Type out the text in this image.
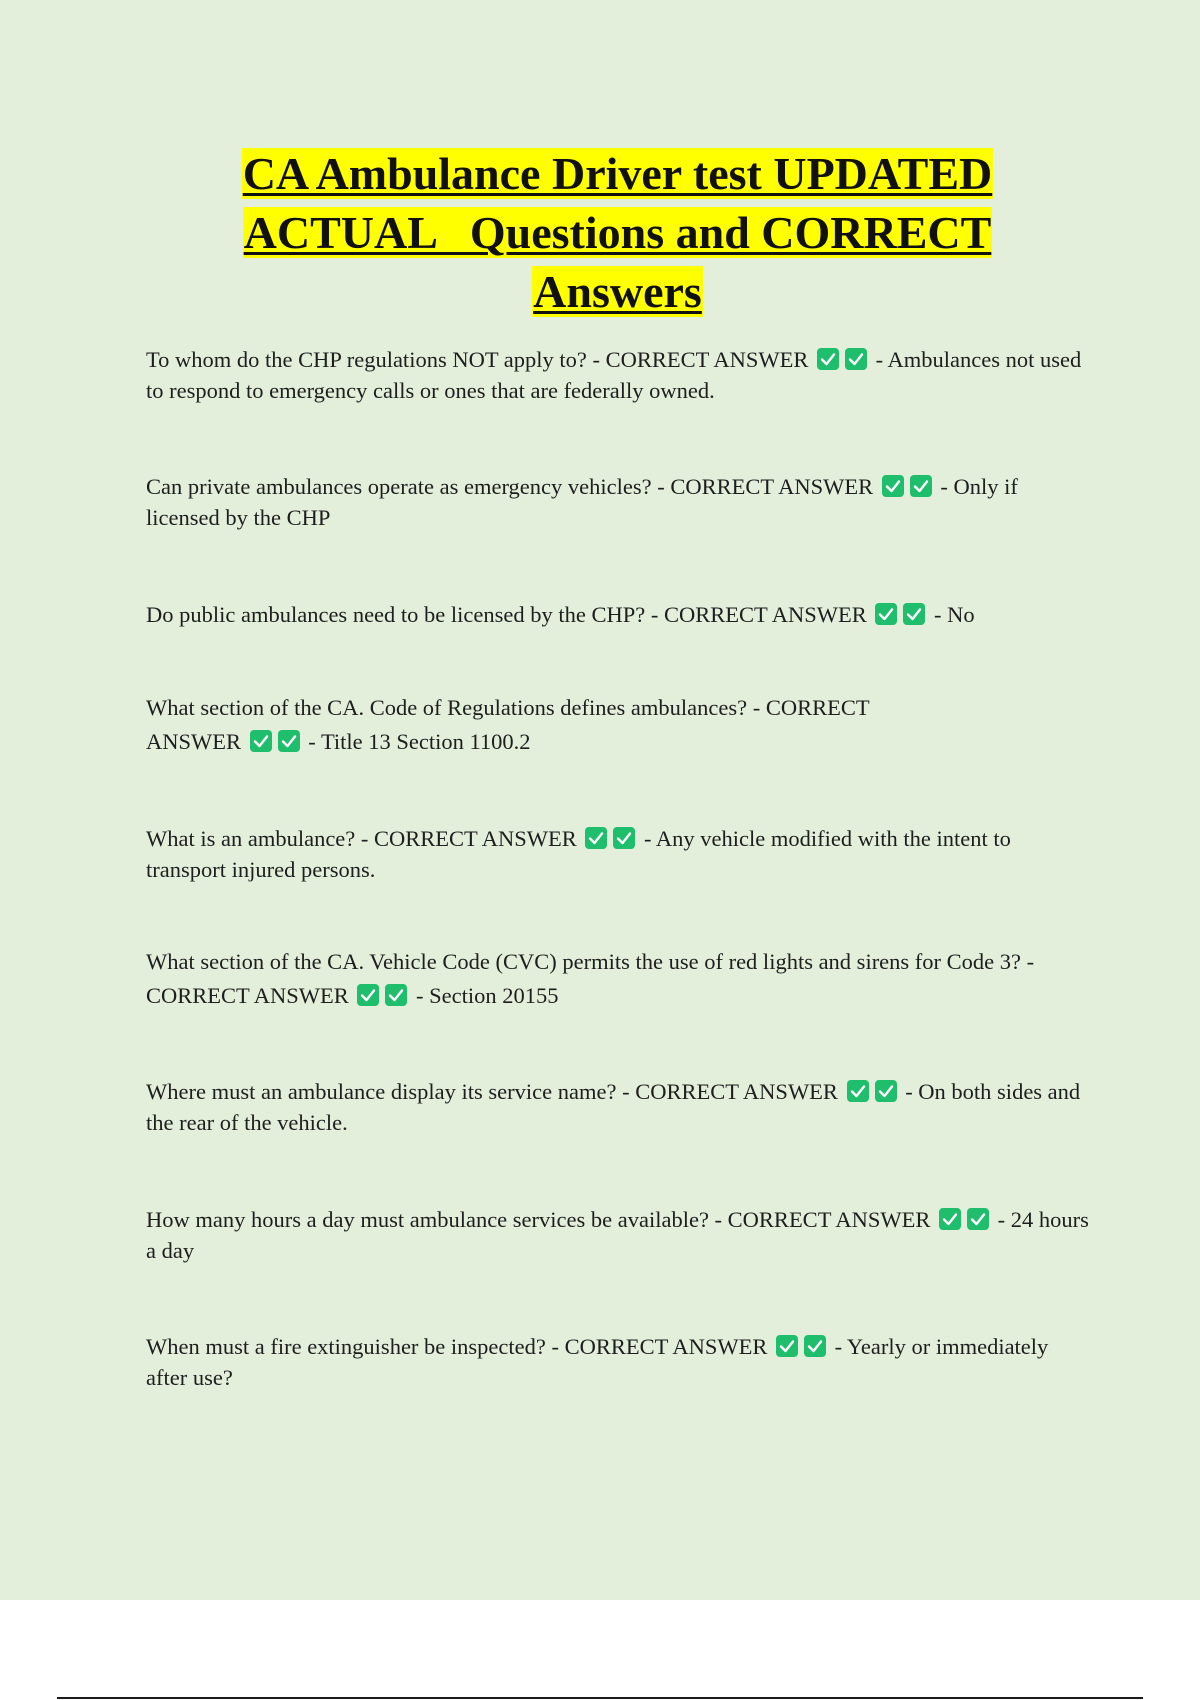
CA Ambulance Driver test UPDATED
ACTUAL   Questions and CORRECT
Answers
To whom do the CHP regulations NOT apply to? - CORRECT ANSWER	- Ambulances not used to respond to emergency calls or ones that are federally owned.
Can private ambulances operate as emergency vehicles? - CORRECT ANSWER	- Only if licensed by the CHP
Do public ambulances need to be licensed by the CHP? - CORRECT ANSWER	- No
What section of the CA. Code of Regulations defines ambulances? - CORRECT ANSWER	- Title 13 Section 1100.2
What is an ambulance? - CORRECT ANSWER	- Any vehicle modified with the intent to transport injured persons.
What section of the CA. Vehicle Code (CVC) permits the use of red lights and sirens for Code 3? - CORRECT ANSWER	- Section 20155
Where must an ambulance display its service name? - CORRECT ANSWER	- On both sides and the rear of the vehicle.
How many hours a day must ambulance services be available? - CORRECT ANSWER	- 24 hours a day
When must a fire extinguisher be inspected? - CORRECT ANSWER	- Yearly or immediately after use?
